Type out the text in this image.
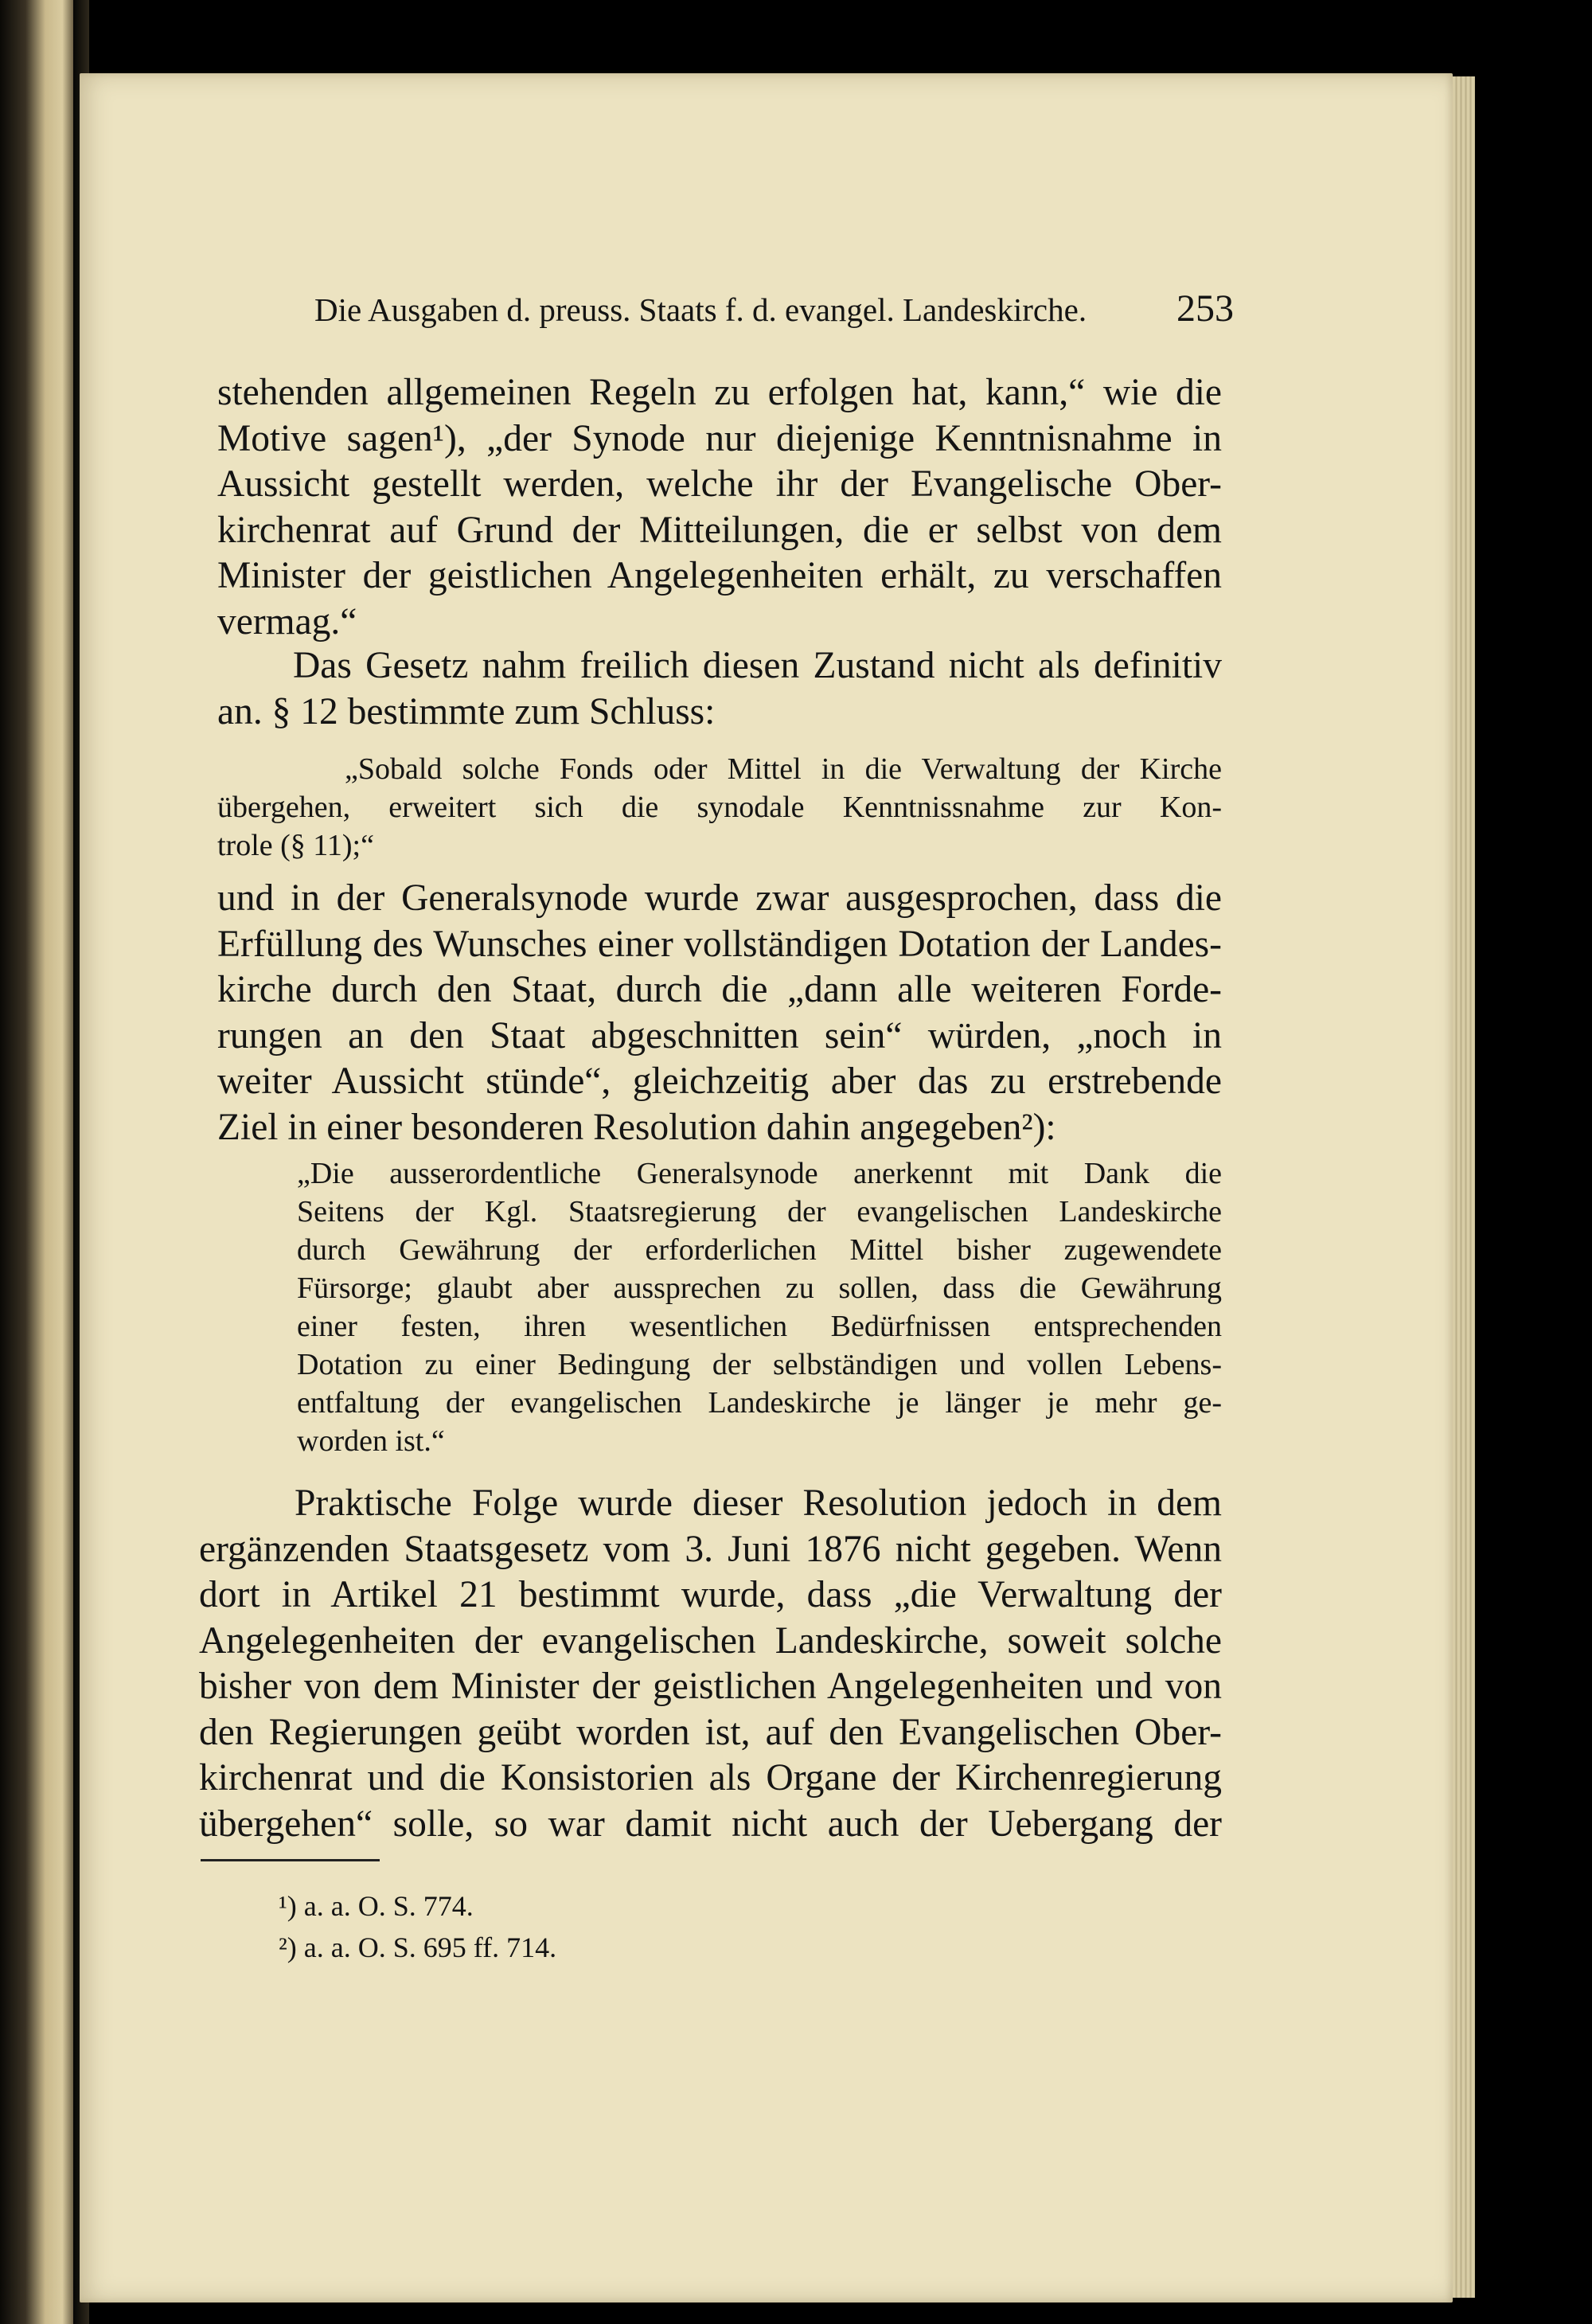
Die Ausgaben d. preuss. Staats f. d. evangel. Landeskirche. 253
stehenden allgemeinen Regeln zu erfolgen hat, kann,“ wie die
Motive sagen¹), „der Synode nur diejenige Kenntnisnahme in
Aussicht gestellt werden, welche ihr der Evangelische Ober-
kirchenrat auf Grund der Mitteilungen, die er selbst von dem
Minister der geistlichen Angelegenheiten erhält, zu verschaffen
vermag.“
Das Gesetz nahm freilich diesen Zustand nicht als definitiv
an. § 12 bestimmte zum Schluss:
„Sobald solche Fonds oder Mittel in die Verwaltung der Kirche
übergehen, erweitert sich die synodale Kenntnissnahme zur Kon-
trole (§ 11);“
und in der Generalsynode wurde zwar ausgesprochen, dass die
Erfüllung des Wunsches einer vollständigen Dotation der Landes-
kirche durch den Staat, durch die „dann alle weiteren Forde-
rungen an den Staat abgeschnitten sein“ würden, „noch in
weiter Aussicht stünde“, gleichzeitig aber das zu erstrebende
Ziel in einer besonderen Resolution dahin angegeben²):
„Die ausserordentliche Generalsynode anerkennt mit Dank die
Seitens der Kgl. Staatsregierung der evangelischen Landeskirche
durch Gewährung der erforderlichen Mittel bisher zugewendete
Fürsorge; glaubt aber aussprechen zu sollen, dass die Gewährung
einer festen, ihren wesentlichen Bedürfnissen entsprechenden
Dotation zu einer Bedingung der selbständigen und vollen Lebens-
entfaltung der evangelischen Landeskirche je länger je mehr ge-
worden ist.“
Praktische Folge wurde dieser Resolution jedoch in dem
ergänzenden Staatsgesetz vom 3. Juni 1876 nicht gegeben. Wenn
dort in Artikel 21 bestimmt wurde, dass „die Verwaltung der
Angelegenheiten der evangelischen Landeskirche, soweit solche
bisher von dem Minister der geistlichen Angelegenheiten und von
den Regierungen geübt worden ist, auf den Evangelischen Ober-
kirchenrat und die Konsistorien als Organe der Kirchenregierung
übergehen“ solle, so war damit nicht auch der Uebergang der
¹) a. a. O. S. 774.
²) a. a. O. S. 695 ff. 714.
